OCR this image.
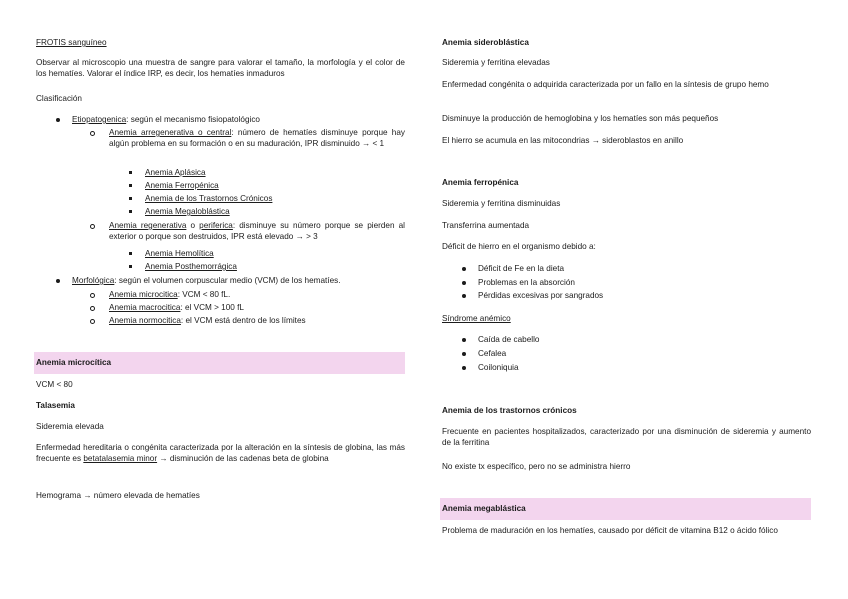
FROTIS sanguíneo

Observar al microscopio una muestra de sangre para valorar el tamaño, la morfología y el color de los hematíes. Valorar el índice IRP, es decir, los hematíes inmaduros

Clasificación

Etiopatogenica: según el mecanismo fisiopatológico
Anemia arregenerativa o central: número de hematíes disminuye porque hay algún problema en su formación o en su maduración, IPR disminuido → < 1
Anemia Aplásica
Anemia Ferropénica
Anemia de los Trastornos Crónicos
Anemia Megaloblástica
Anemia regenerativa o periferica: disminuye su número porque se pierden al exterior o porque son destruidos, IPR está elevado → > 3
Anemia Hemolítica
Anemia Posthemorrágica
Morfológica: según el volumen corpuscular medio (VCM) de los hematíes.
Anemia microcitica: VCM < 80 fL.
Anemia macrocitica: el VCM > 100 fL
Anemia normocitica: el VCM está dentro de los límites
Anemia microcítica

VCM < 80

Talasemia

Sideremia elevada

Enfermedad hereditaria o congénita caracterizada por la alteración en la síntesis de globina, las más frecuente es betatalasemia minor → disminución de las cadenas beta de globina

Hemograma → número elevada de hematíes

Anemia sideroblástica

Sideremia y ferritina elevadas

Enfermedad congénita o adquirida caracterizada por un fallo en la síntesis de grupo hemo

Disminuye la producción de hemoglobina y los hematíes son más pequeños

El hierro se acumula en las mitocondrias → sideroblastos en anillo

Anemia ferropénica

Sideremia y ferritina disminuidas

Transferrina aumentada

Déficit de hierro en el organismo debido a:

Déficit de Fe en la dieta
Problemas en la absorción
Pérdidas excesivas por sangrados

Síndrome anémico

Caída de cabello
Cefalea
Coiloniquia

Anemia de los trastornos crónicos

Frecuente en pacientes hospitalizados, caracterizado por una disminución de sideremia y aumento de la ferritina

No existe tx específico, pero no se administra hierro

Anemia megablástica

Problema de maduración en los hematíes, causado por déficit de vitamina B12 o ácido fólico
